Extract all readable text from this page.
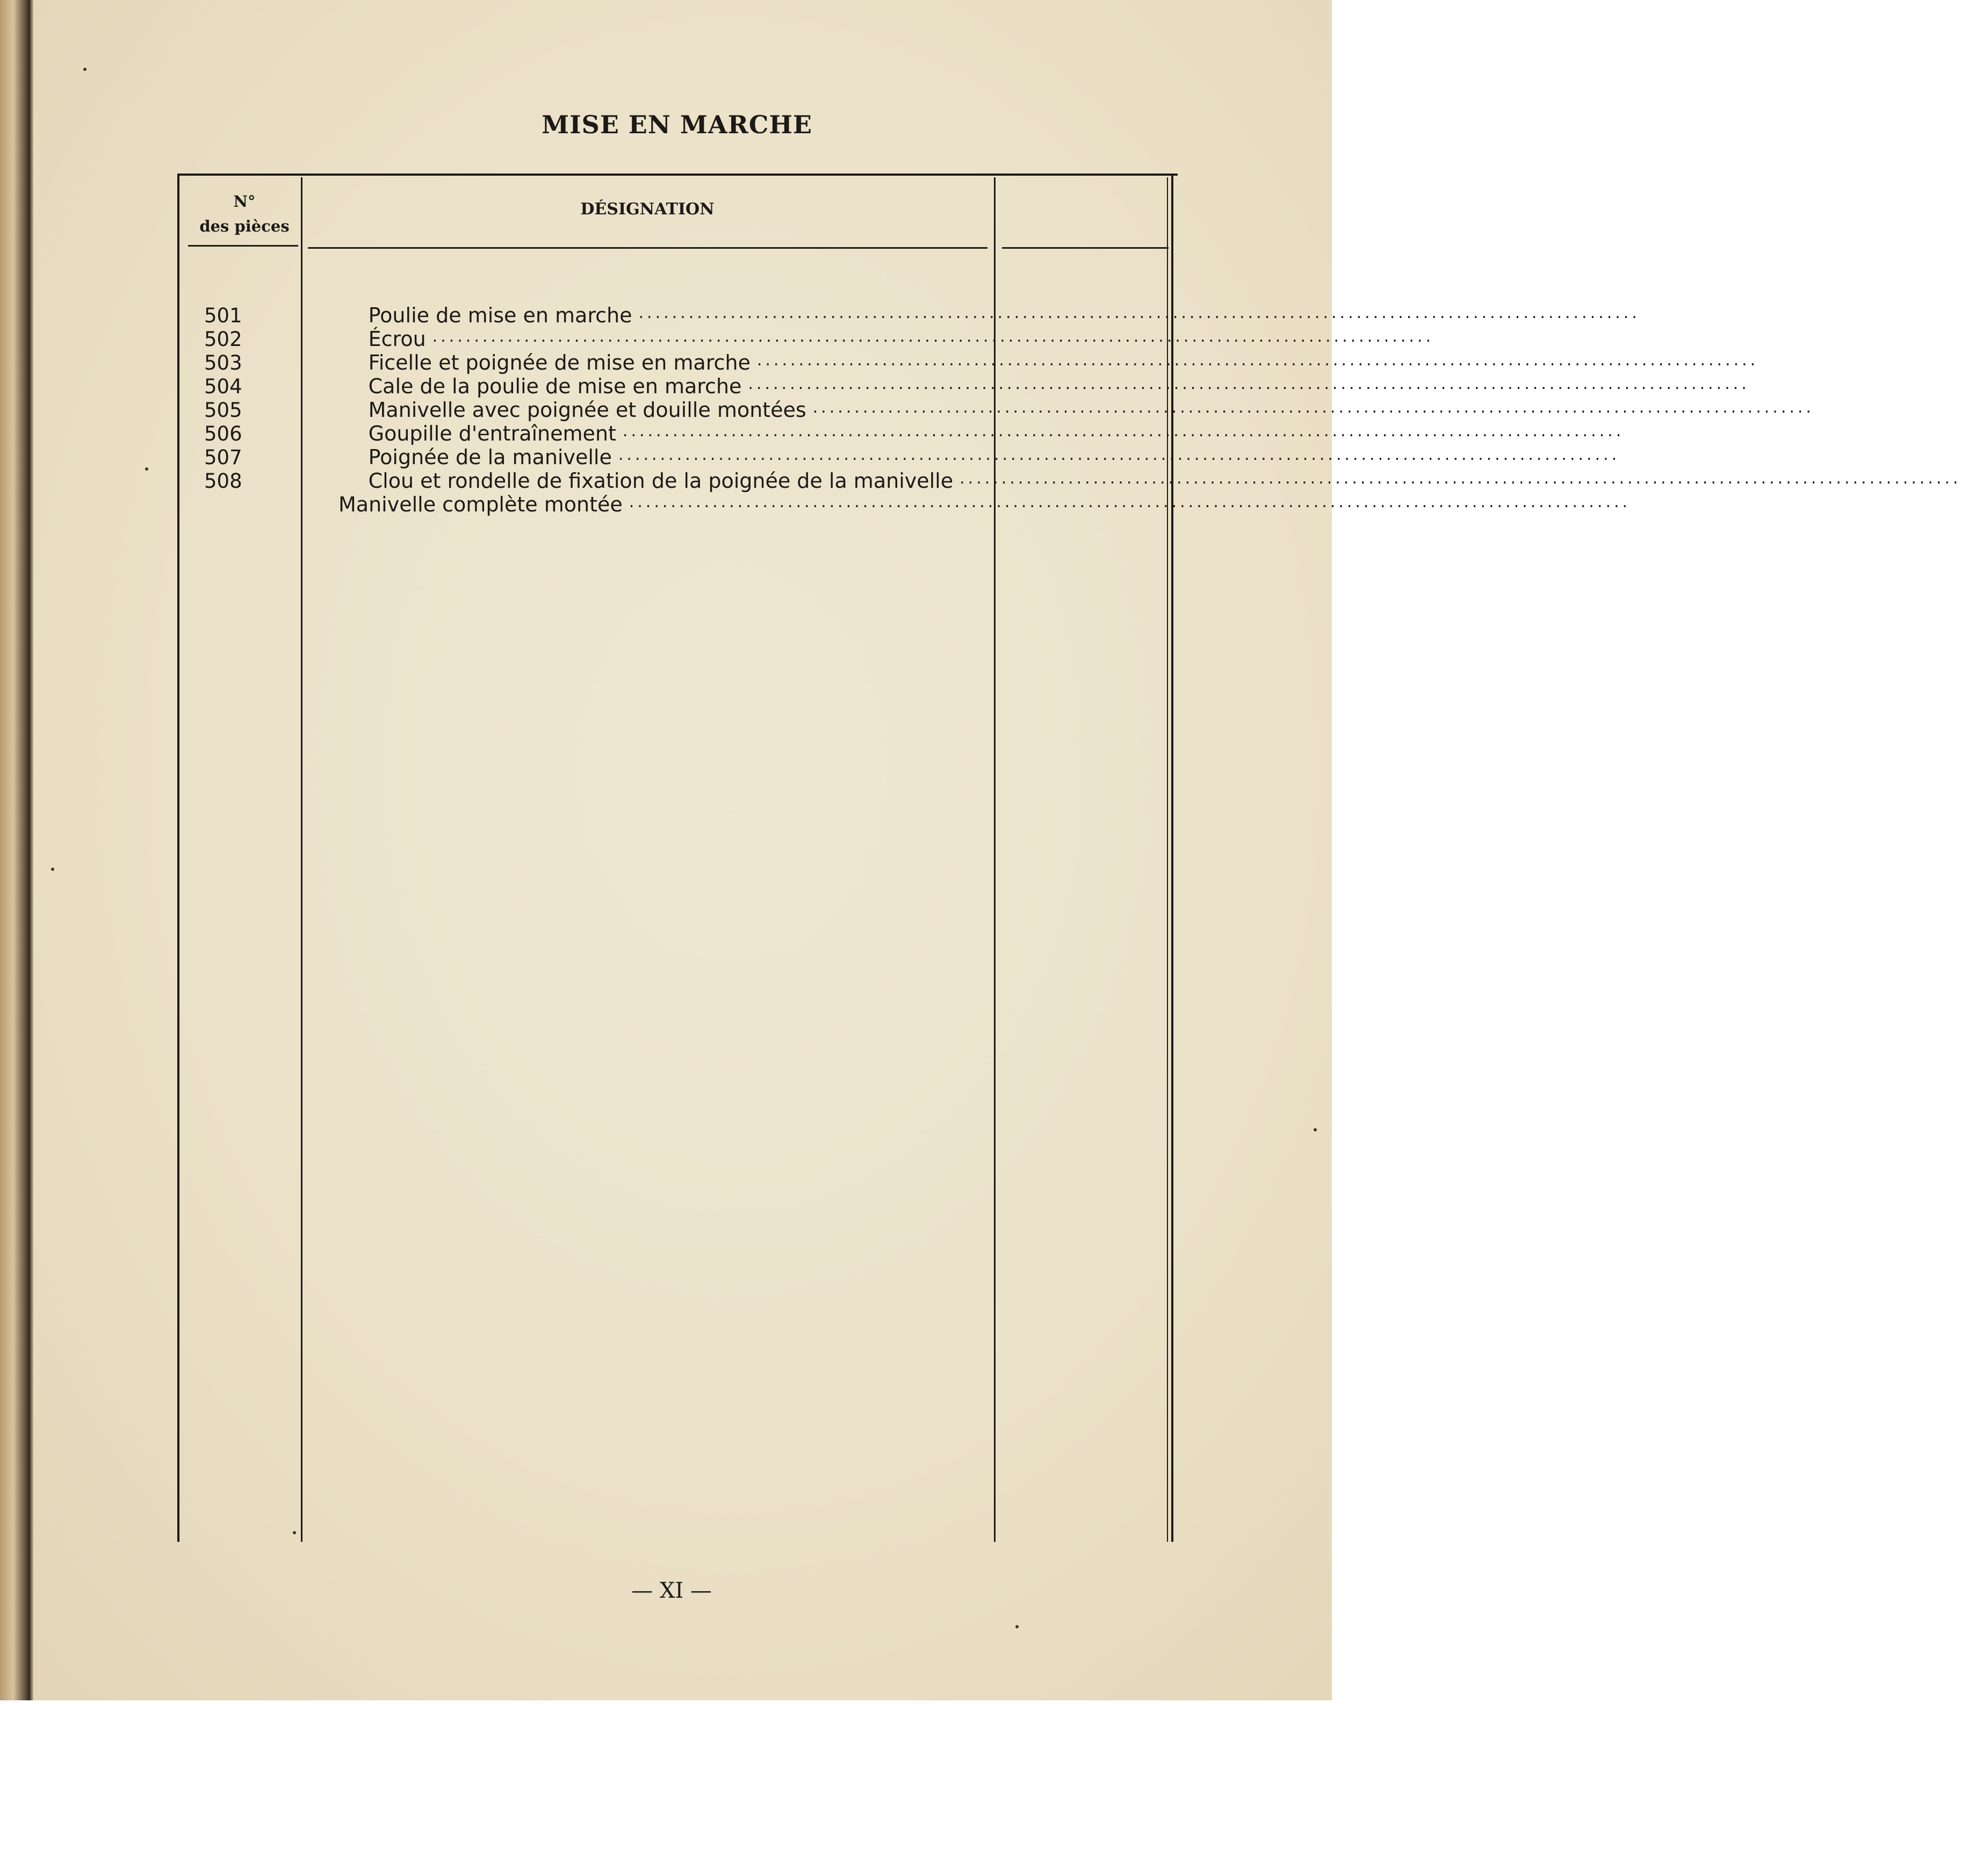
MISE EN MARCHE
N°
des pièces
DÉSIGNATION
501	Poulie de mise en marche ........................................................................................................................
502	Écrou ........................................................................................................................
503	Ficelle et poignée de mise en marche ........................................................................................................................
504	Cale de la poulie de mise en marche ........................................................................................................................
505	Manivelle avec poignée et douille montées ........................................................................................................................
506	Goupille d'entraînement ........................................................................................................................
507	Poignée de la manivelle ........................................................................................................................
508	Clou et rondelle de fixation de la poignée de la manivelle ........................................................................................................................
Manivelle complète montée ........................................................................................................................
— XI —
